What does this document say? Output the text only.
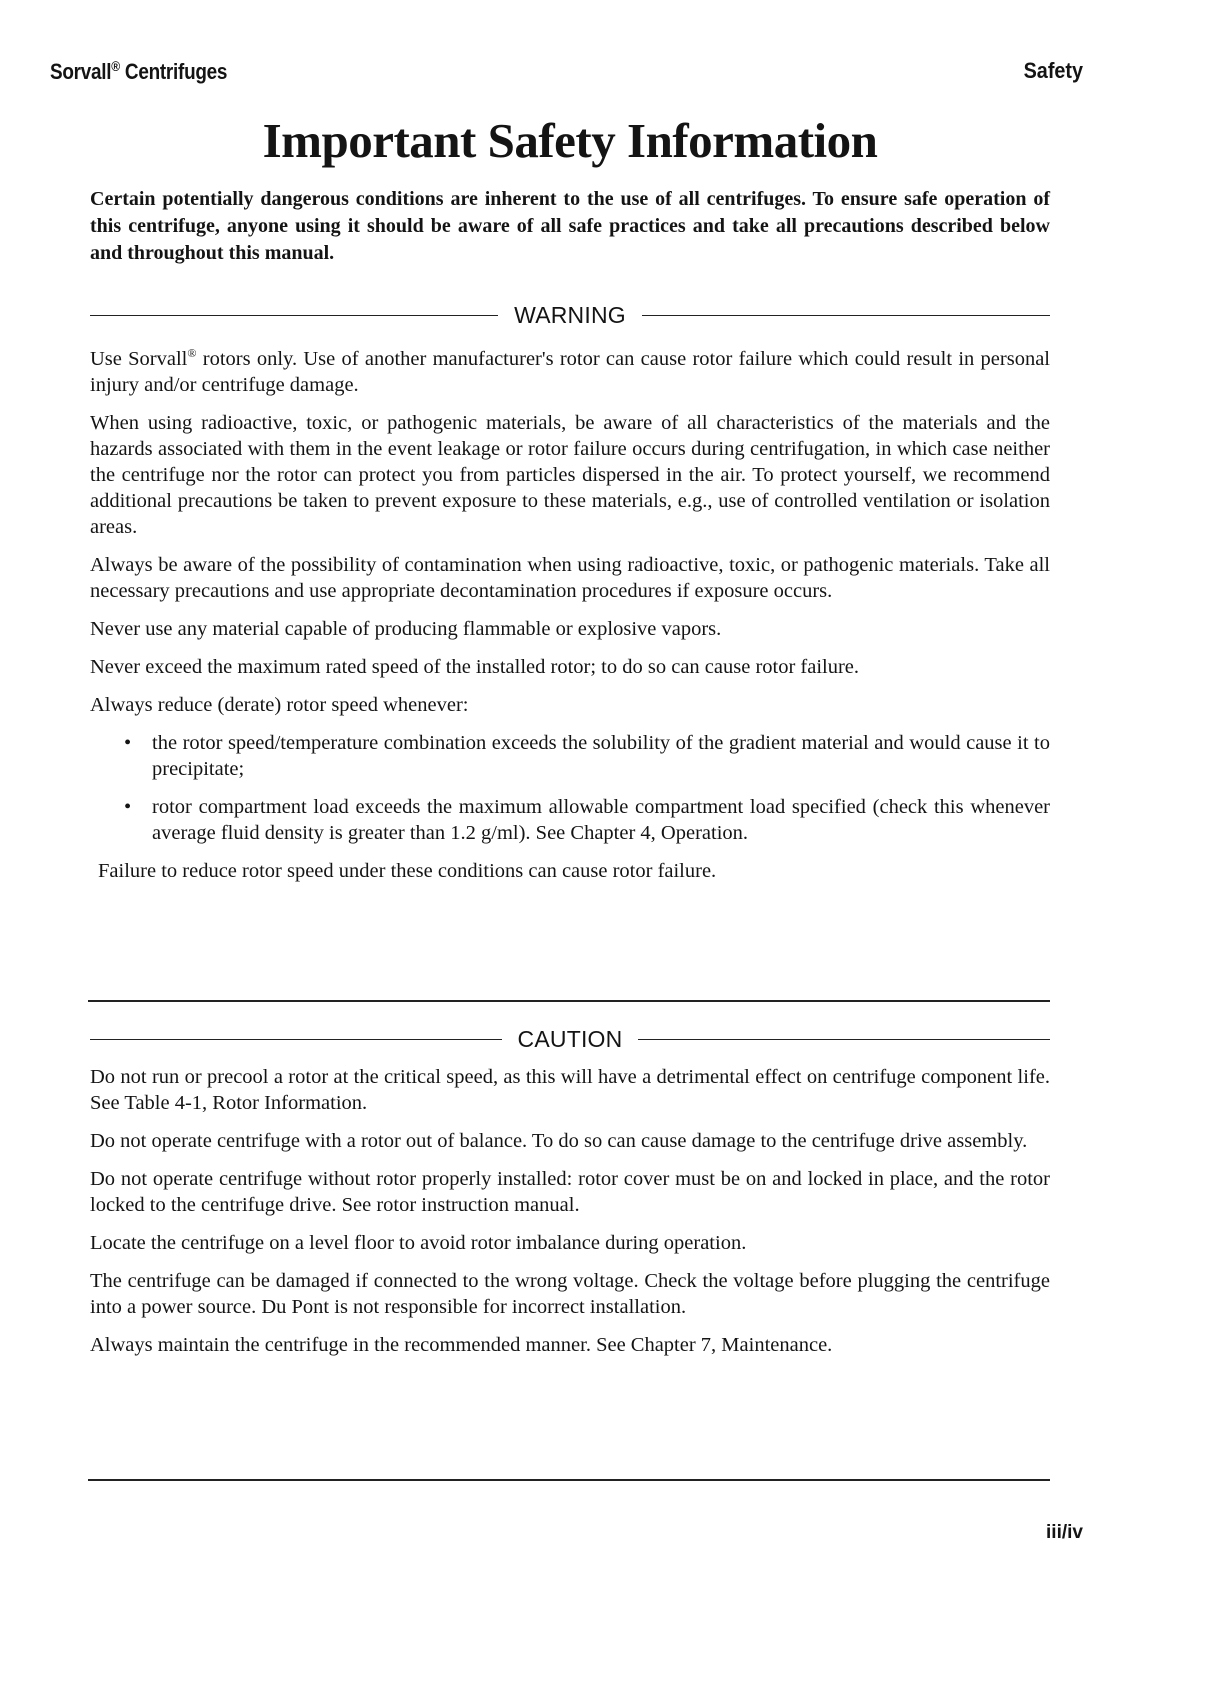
Sorvall® Centrifuges	Safety
Important Safety Information
Certain potentially dangerous conditions are inherent to the use of all centrifuges. To ensure safe operation of this centrifuge, anyone using it should be aware of all safe practices and take all precautions described below and throughout this manual.
WARNING

Use Sorvall® rotors only. Use of another manufacturer's rotor can cause rotor failure which could result in personal injury and/or centrifuge damage.

When using radioactive, toxic, or pathogenic materials, be aware of all characteristics of the materials and the hazards associated with them in the event leakage or rotor failure occurs during centrifugation, in which case neither the centrifuge nor the rotor can protect you from particles dispersed in the air. To protect yourself, we recommend additional precautions be taken to prevent exposure to these materials, e.g., use of controlled ventilation or isolation areas.

Always be aware of the possibility of contamination when using radioactive, toxic, or pathogenic materials. Take all necessary precautions and use appropriate decontamination procedures if exposure occurs.

Never use any material capable of producing flammable or explosive vapors.

Never exceed the maximum rated speed of the installed rotor; to do so can cause rotor failure.

Always reduce (derate) rotor speed whenever:

• the rotor speed/temperature combination exceeds the solubility of the gradient material and would cause it to precipitate;
• rotor compartment load exceeds the maximum allowable compartment load specified (check this whenever average fluid density is greater than 1.2 g/ml). See Chapter 4, Operation.

Failure to reduce rotor speed under these conditions can cause rotor failure.

CAUTION

Do not run or precool a rotor at the critical speed, as this will have a detrimental effect on centrifuge component life. See Table 4-1, Rotor Information.

Do not operate centrifuge with a rotor out of balance. To do so can cause damage to the centrifuge drive assembly.

Do not operate centrifuge without rotor properly installed: rotor cover must be on and locked in place, and the rotor locked to the centrifuge drive. See rotor instruction manual.

Locate the centrifuge on a level floor to avoid rotor imbalance during operation.

The centrifuge can be damaged if connected to the wrong voltage. Check the voltage before plugging the centrifuge into a power source. Du Pont is not responsible for incorrect installation.

Always maintain the centrifuge in the recommended manner. See Chapter 7, Maintenance.

iii/iv
